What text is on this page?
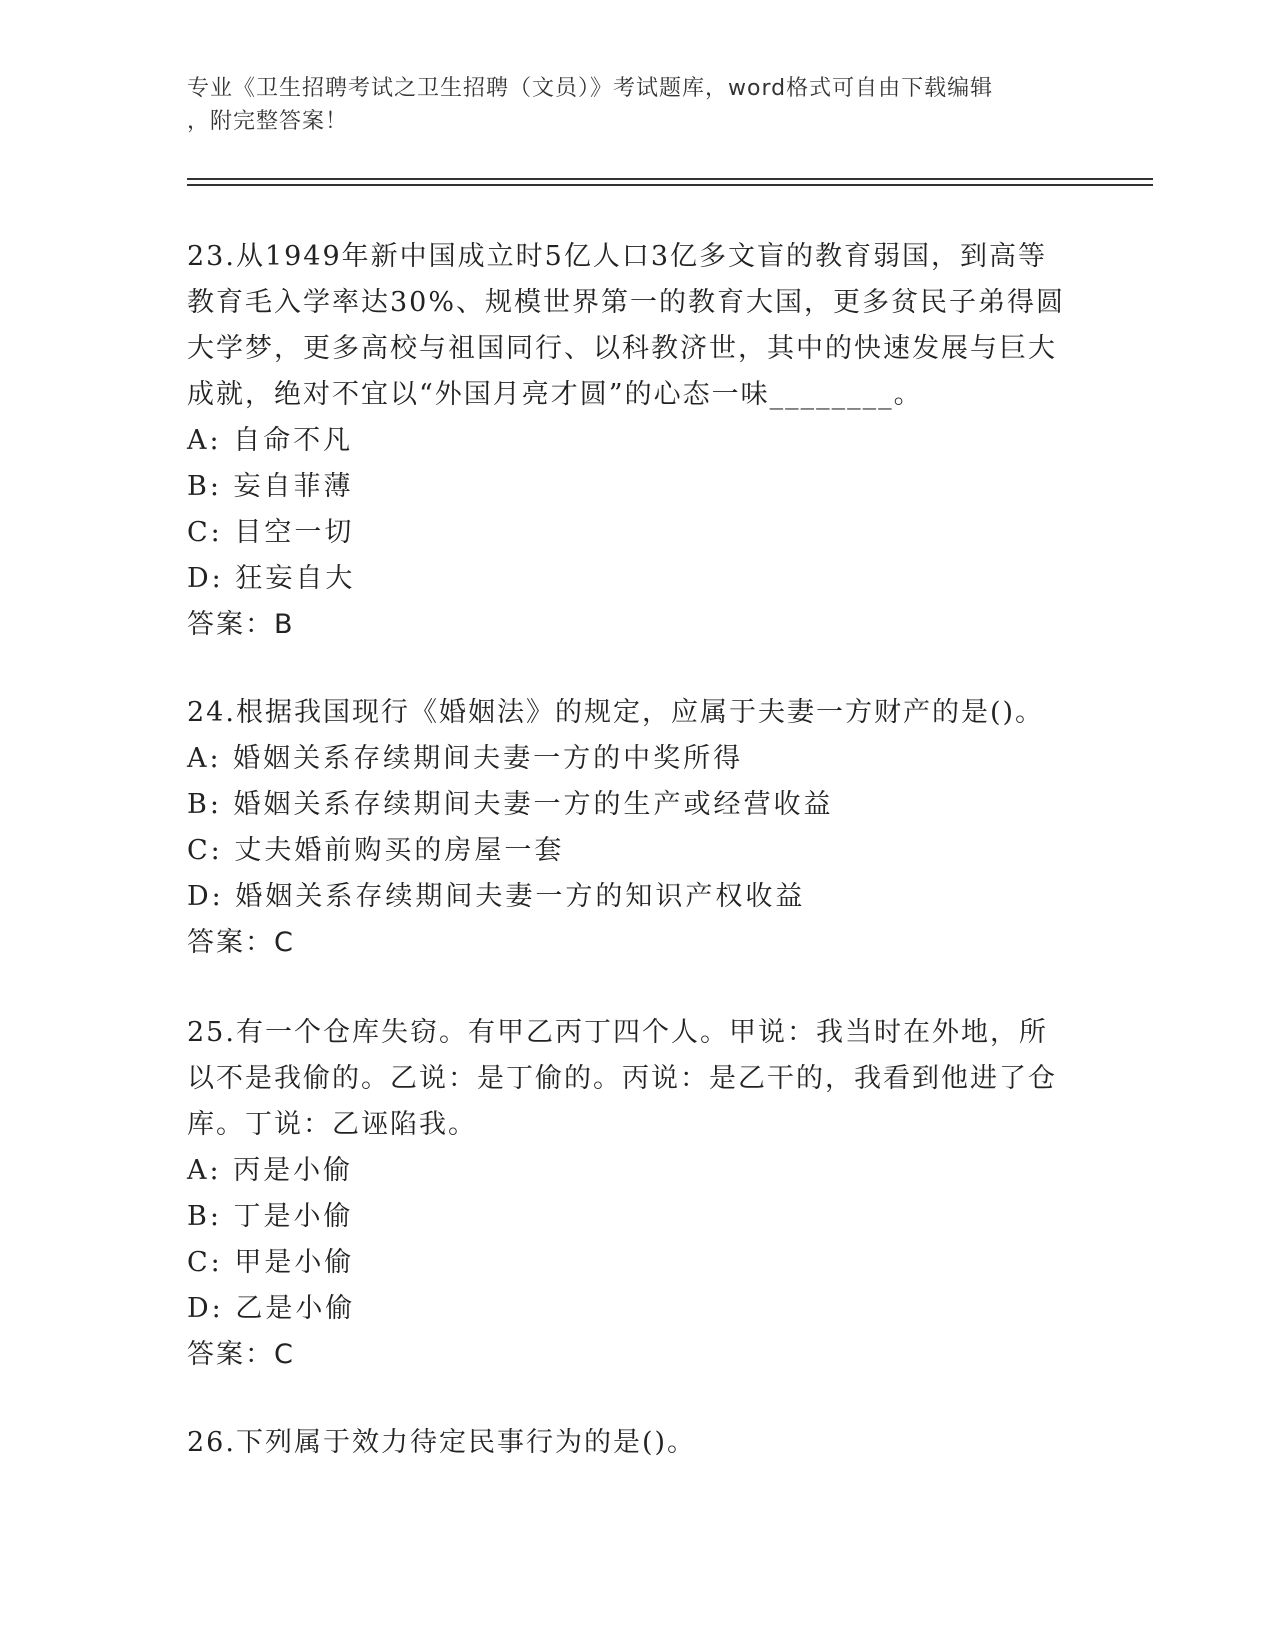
专业《卫生招聘考试之卫生招聘（文员）》考试题库，word格式可自由下载编辑
，附完整答案！

23.从1949年新中国成立时5亿人口3亿多文盲的教育弱国，到高等教育毛入学率达30%、规模世界第一的教育大国，更多贫民子弟得圆大学梦，更多高校与祖国同行、以科教济世，其中的快速发展与巨大成就，绝对不宜以“外国月亮才圆”的心态一味________。

A: 自命不凡

B: 妄自菲薄

C: 目空一切

D: 狂妄自大

答案：B

24.根据我国现行《婚姻法》的规定，应属于夫妻一方财产的是()。

A: 婚姻关系存续期间夫妻一方的中奖所得

B: 婚姻关系存续期间夫妻一方的生产或经营收益

C: 丈夫婚前购买的房屋一套

D: 婚姻关系存续期间夫妻一方的知识产权收益

答案：C

25.有一个仓库失窃。有甲乙丙丁四个人。甲说：我当时在外地，所以不是我偷的。乙说：是丁偷的。丙说：是乙干的，我看到他进了仓库。丁说：乙诬陷我。

A: 丙是小偷

B: 丁是小偷

C: 甲是小偷

D: 乙是小偷

答案：C

26.下列属于效力待定民事行为的是()。
